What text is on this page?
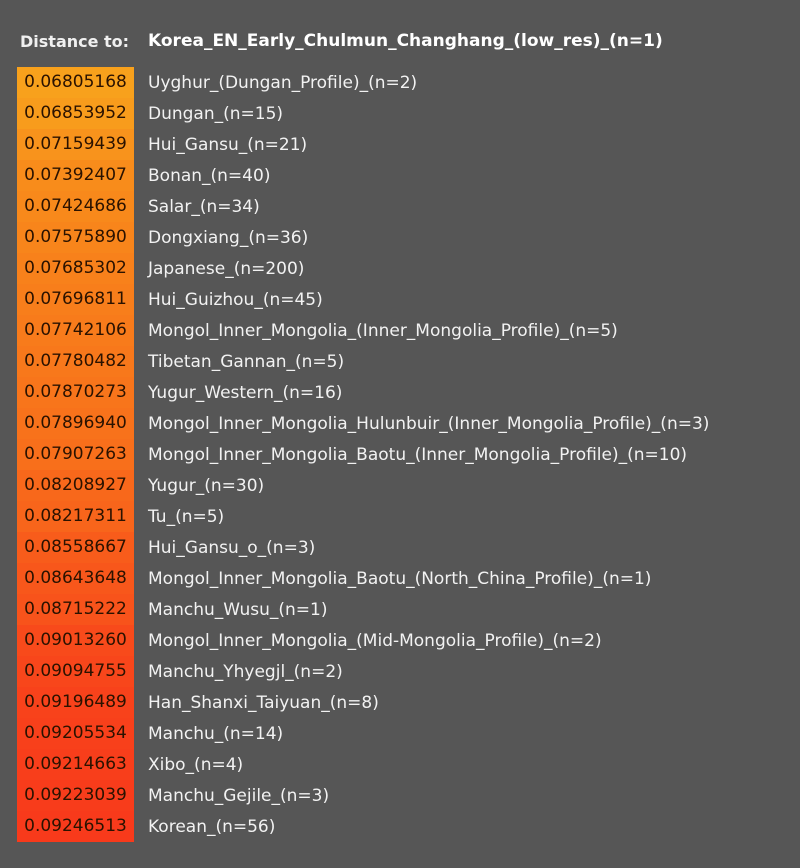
Distance to:	Korea_EN_Early_Chulmun_Changhang_(low_res)_(n=1)
0.06805168	Uyghur_(Dungan_Profile)_(n=2)
0.06853952	Dungan_(n=15)
0.07159439	Hui_Gansu_(n=21)
0.07392407	Bonan_(n=40)
0.07424686	Salar_(n=34)
0.07575890	Dongxiang_(n=36)
0.07685302	Japanese_(n=200)
0.07696811	Hui_Guizhou_(n=45)
0.07742106	Mongol_Inner_Mongolia_(Inner_Mongolia_Profile)_(n=5)
0.07780482	Tibetan_Gannan_(n=5)
0.07870273	Yugur_Western_(n=16)
0.07896940	Mongol_Inner_Mongolia_Hulunbuir_(Inner_Mongolia_Profile)_(n=3)
0.07907263	Mongol_Inner_Mongolia_Baotu_(Inner_Mongolia_Profile)_(n=10)
0.08208927	Yugur_(n=30)
0.08217311	Tu_(n=5)
0.08558667	Hui_Gansu_o_(n=3)
0.08643648	Mongol_Inner_Mongolia_Baotu_(North_China_Profile)_(n=1)
0.08715222	Manchu_Wusu_(n=1)
0.09013260	Mongol_Inner_Mongolia_(Mid-Mongolia_Profile)_(n=2)
0.09094755	Manchu_Yhyegjl_(n=2)
0.09196489	Han_Shanxi_Taiyuan_(n=8)
0.09205534	Manchu_(n=14)
0.09214663	Xibo_(n=4)
0.09223039	Manchu_Gejile_(n=3)
0.09246513	Korean_(n=56)
